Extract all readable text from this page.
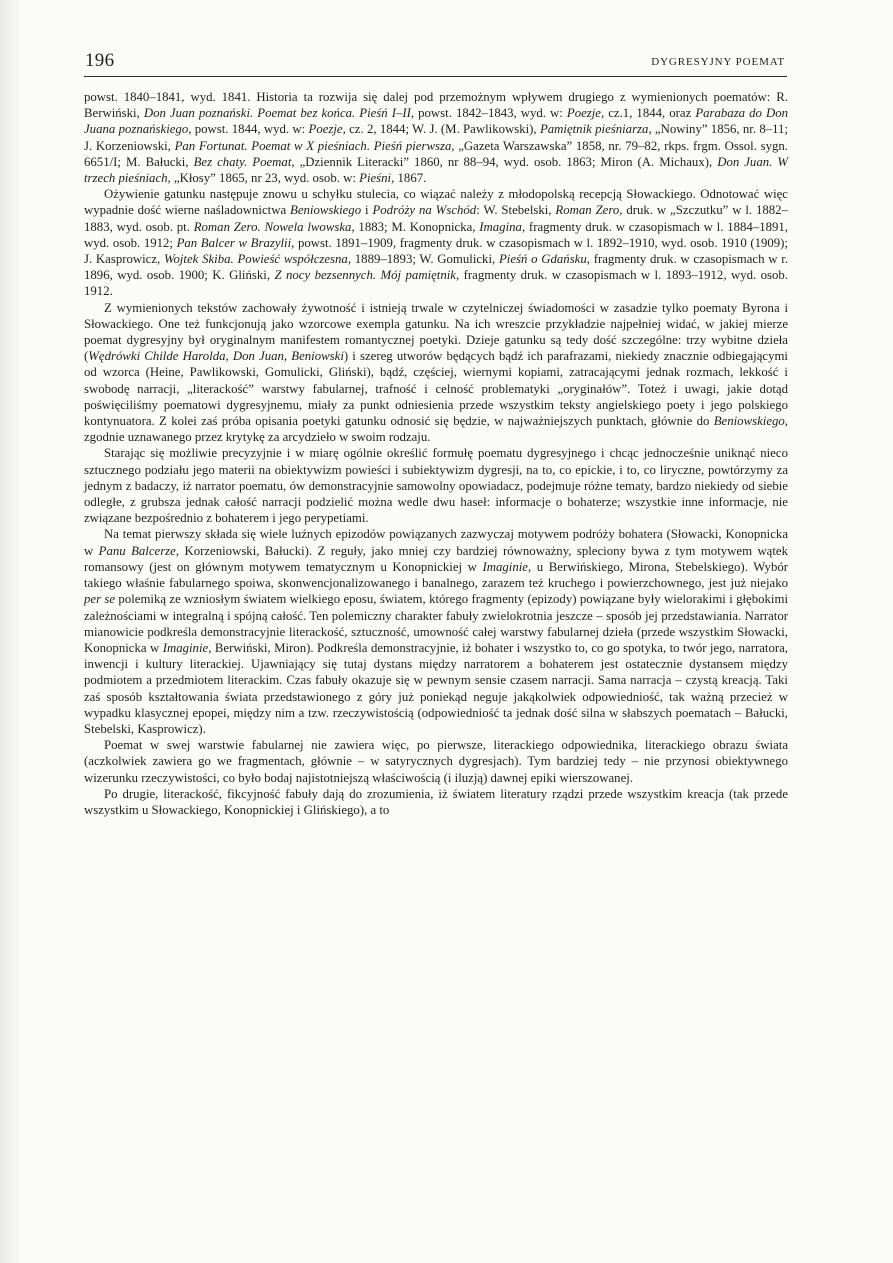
196	DYGRESYJNY POEMAT

powst. 1840–1841, wyd. 1841. Historia ta rozwija się dalej pod przemożnym wpływem drugiego z wymienionych poematów: R. Berwiński, Don Juan poznański. Poemat bez końca. Pieśń I–II, powst. 1842–1843, wyd. w: Poezje, cz.1, 1844, oraz Parabaza do Don Juana poznańskiego, powst. 1844, wyd. w: Poezje, cz. 2, 1844; W. J. (M. Pawlikowski), Pamiętnik pieśniarza, „Nowiny” 1856, nr. 8–11; J. Korzeniowski, Pan Fortunat. Poemat w X pieśniach. Pieśń pierwsza, „Gazeta Warszawska” 1858, nr. 79–82, rkps. frgm. Ossol. sygn. 6651/I; M. Bałucki, Bez chaty. Poemat, „Dziennik Literacki” 1860, nr 88–94, wyd. osob. 1863; Miron (A. Michaux), Don Juan. W trzech pieśniach, „Kłosy” 1865, nr 23, wyd. osob. w: Pieśni, 1867.

Ożywienie gatunku następuje znowu u schyłku stulecia, co wiązać należy z młodopolską recepcją Słowackiego. Odnotować więc wypadnie dość wierne naśladownictwa Beniowskiego i Podróży na Wschód: W. Stebelski, Roman Zero, druk. w „Szczutku” w l. 1882–1883, wyd. osob. pt. Roman Zero. Nowela lwowska, 1883; M. Konopnicka, Imagina, fragmenty druk. w czasopismach w l. 1884–1891, wyd. osob. 1912; Pan Balcer w Brazylii, powst. 1891–1909, fragmenty druk. w czasopismach w l. 1892–1910, wyd. osob. 1910 (1909); J. Kasprowicz, Wojtek Skiba. Powieść współczesna, 1889–1893; W. Gomulicki, Pieśń o Gdańsku, fragmenty druk. w czasopismach w r. 1896, wyd. osob. 1900; K. Gliński, Z nocy bezsennych. Mój pamiętnik, fragmenty druk. w czasopismach w l. 1893–1912, wyd. osob. 1912.

Z wymienionych tekstów zachowały żywotność i istnieją trwale w czytelniczej świadomości w zasadzie tylko poematy Byrona i Słowackiego. One też funkcjonują jako wzorcowe exempla gatunku. Na ich wreszcie przykładzie najpełniej widać, w jakiej mierze poemat dygresyjny był oryginalnym manifestem romantycznej poetyki. Dzieje gatunku są tedy dość szczególne: trzy wybitne dzieła (Wędrówki Childe Harolda, Don Juan, Beniowski) i szereg utworów będących bądź ich parafrazami, niekiedy znacznie odbiegającymi od wzorca (Heine, Pawlikowski, Gomulicki, Gliński), bądź, częściej, wiernymi kopiami, zatracającymi jednak rozmach, lekkość i swobodę narracji, „literackość” warstwy fabularnej, trafność i celność problematyki „oryginałów”. Toteż i uwagi, jakie dotąd poświęciliśmy poematowi dygresyjnemu, miały za punkt odniesienia przede wszystkim teksty angielskiego poety i jego polskiego kontynuatora. Z kolei zaś próba opisania poetyki gatunku odnosić się będzie, w najważniejszych punktach, głównie do Beniowskiego, zgodnie uznawanego przez krytykę za arcydzieło w swoim rodzaju.

Starając się możliwie precyzyjnie i w miarę ogólnie określić formułę poematu dygresyjnego i chcąc jednocześnie uniknąć nieco sztucznego podziału jego materii na obiektywizm powieści i subiektywizm dygresji, na to, co epickie, i to, co liryczne, powtórzymy za jednym z badaczy, iż narrator poematu, ów demonstracyjnie samowolny opowiadacz, podejmuje różne tematy, bardzo niekiedy od siebie odległe, z grubsza jednak całość narracji podzielić można wedle dwu haseł: informacje o bohaterze; wszystkie inne informacje, nie związane bezpośrednio z bohaterem i jego perypetiami.

Na temat pierwszy składa się wiele luźnych epizodów powiązanych zazwyczaj motywem podróży bohatera (Słowacki, Konopnicka w Panu Balcerze, Korzeniowski, Bałucki). Z reguły, jako mniej czy bardziej równoważny, spleciony bywa z tym motywem wątek romansowy (jest on głównym motywem tematycznym u Konopnickiej w Imaginie, u Berwińskiego, Mirona, Stebelskiego). Wybór takiego właśnie fabularnego spoiwa, skonwencjonalizowanego i banalnego, zarazem też kruchego i powierzchownego, jest już niejako per se polemiką ze wzniosłym światem wielkiego eposu, światem, którego fragmenty (epizody) powiązane były wielorakimi i głębokimi zależnościami w integralną i spójną całość. Ten polemiczny charakter fabuły zwielokrotnia jeszcze – sposób jej przedstawiania. Narrator mianowicie podkreśla demonstracyjnie literackość, sztuczność, umowność całej warstwy fabularnej dzieła (przede wszystkim Słowacki, Konopnicka w Imaginie, Berwiński, Miron). Podkreśla demonstracyjnie, iż bohater i wszystko to, co go spotyka, to twór jego, narratora, inwencji i kultury literackiej. Ujawniający się tutaj dystans między narratorem a bohaterem jest ostatecznie dystansem między podmiotem a przedmiotem literackim. Czas fabuły okazuje się w pewnym sensie czasem narracji. Sama narracja – czystą kreacją. Taki zaś sposób kształtowania świata przedstawionego z góry już poniekąd neguje jakąkolwiek odpowiedniość, tak ważną przecież w wypadku klasycznej epopei, między nim a tzw. rzeczywistością (odpowiedniość ta jednak dość silna w słabszych poematach – Bałucki, Stebelski, Kasprowicz).

Poemat w swej warstwie fabularnej nie zawiera więc, po pierwsze, literackiego odpowiednika, literackiego obrazu świata (aczkolwiek zawiera go we fragmentach, głównie – w satyrycznych dygresjach). Tym bardziej tedy – nie przynosi obiektywnego wizerunku rzeczywistości, co było bodaj najistotniejszą właściwością (i iluzją) dawnej epiki wierszowanej.

Po drugie, literackość, fikcyjność fabuły dają do zrozumienia, iż światem literatury rządzi przede wszystkim kreacja (tak przede wszystkim u Słowackiego, Konopnickiej i Glińskiego), a to
